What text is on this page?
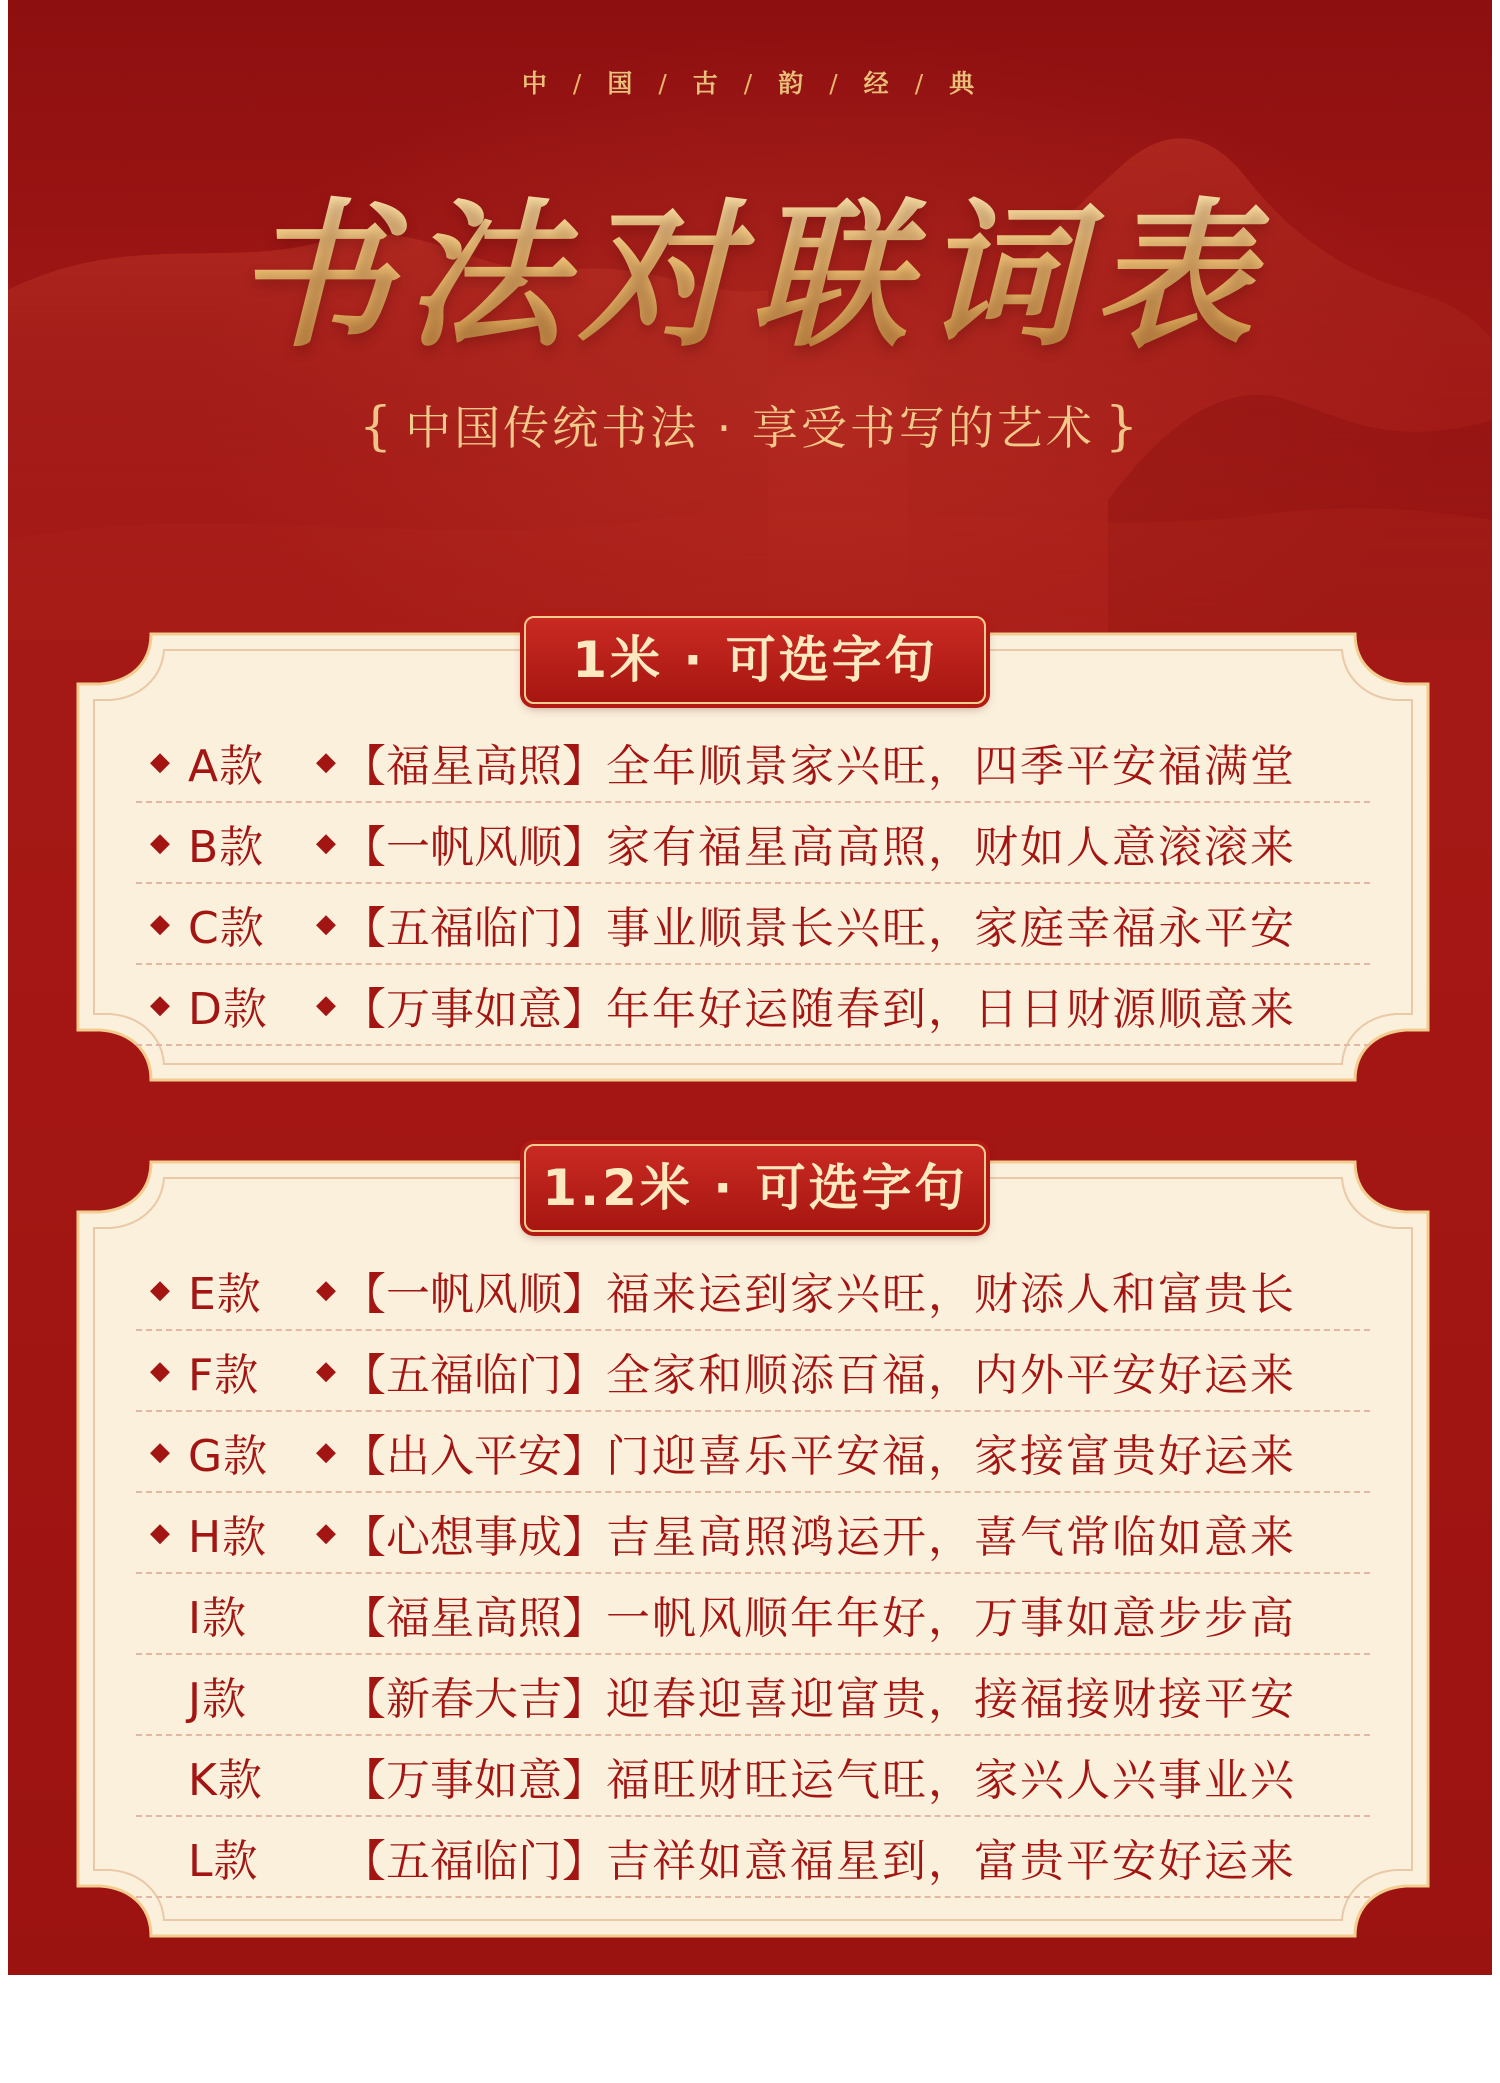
中 / 国 / 古 / 韵 / 经 / 典
书法对联词表
{ 中国传统书法 · 享受书写的艺术 }
1米 · 可选字句
◆ A款	◆ 【福星高照】 全年顺景家兴旺，四季平安福满堂
◆ B款	◆ 【一帆风顺】 家有福星高高照，财如人意滚滚来
◆ C款	◆ 【五福临门】 事业顺景长兴旺，家庭幸福永平安
◆ D款	◆ 【万事如意】 年年好运随春到，日日财源顺意来
1.2米 · 可选字句
◆ E款	◆ 【一帆风顺】 福来运到家兴旺，财添人和富贵长
◆ F款	◆ 【五福临门】 全家和顺添百福，内外平安好运来
◆ G款	◆ 【出入平安】 门迎喜乐平安福，家接富贵好运来
◆ H款	◆ 【心想事成】 吉星高照鸿运开，喜气常临如意来
I款	【福星高照】 一帆风顺年年好，万事如意步步高
J款	【新春大吉】 迎春迎喜迎富贵，接福接财接平安
K款	【万事如意】 福旺财旺运气旺，家兴人兴事业兴
L款	【五福临门】 吉祥如意福星到，富贵平安好运来
